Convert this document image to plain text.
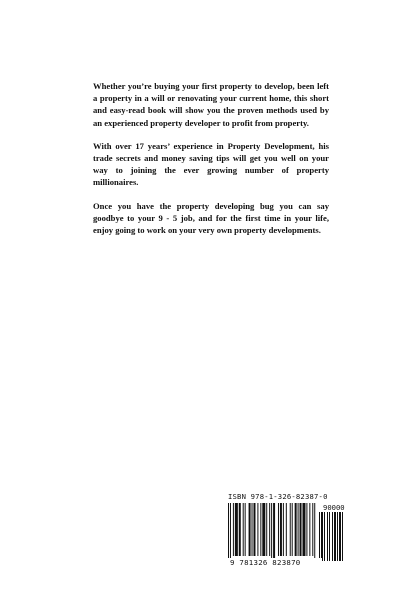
Whether you’re buying your first property to develop, been left a property in a will or renovating your current home, this short and easy-read book will show you the proven methods used by an experienced property developer to profit from property.

With over 17 years’ experience in Property Development, his trade secrets and money saving tips will get you well on your way to joining the ever growing number of property millionaires.

Once you have the property developing bug you can say goodbye to your 9 - 5 job, and for the first time in your life, enjoy going to work on your very own property developments.

ISBN 978-1-326-82387-0
90000
9 781326 823870
